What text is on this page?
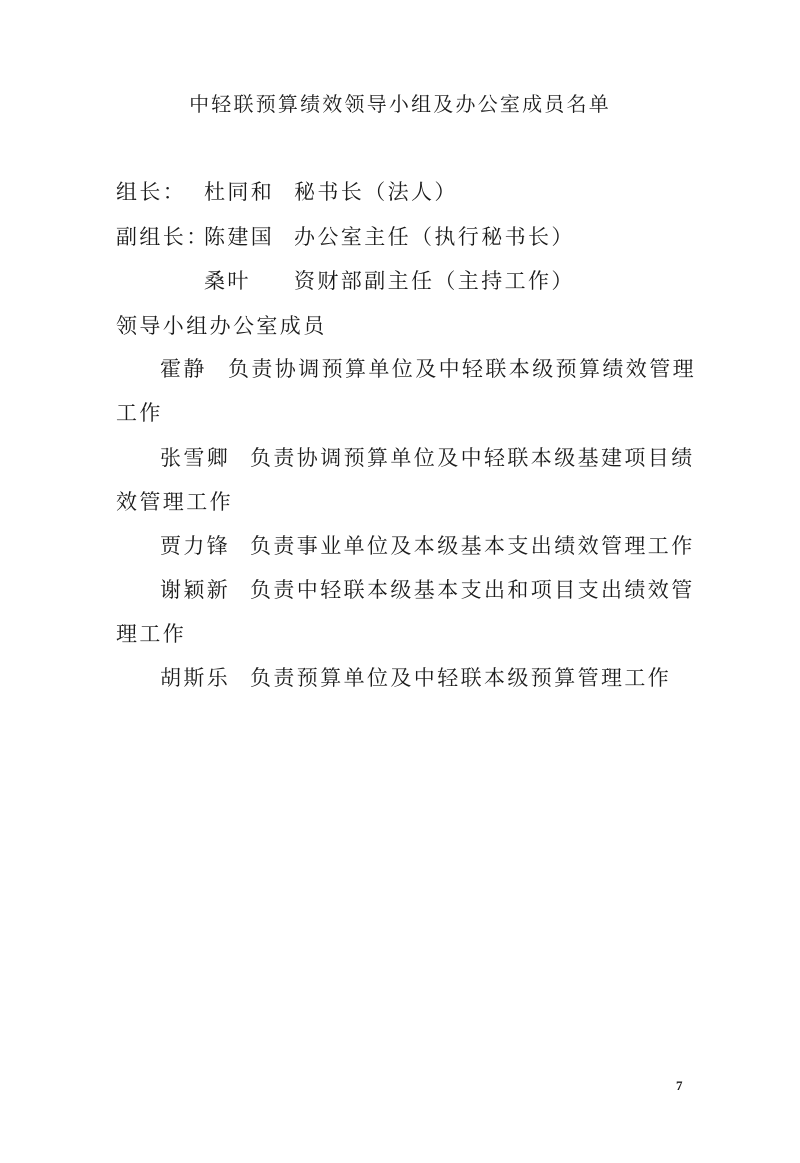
中轻联预算绩效领导小组及办公室成员名单
组长： 杜同和 秘书长（法人）
副组长：
陈建国 办公室主任（执行秘书长）
桑叶 资财部副主任（主持工作）
领导小组办公室成员
霍静 负责协调预算单位及中轻联本级预算绩效管理
工作
张雪卿 负责协调预算单位及中轻联本级基建项目绩
效管理工作
贾力锋 负责事业单位及本级基本支出绩效管理工作
谢颖新 负责中轻联本级基本支出和项目支出绩效管
理工作
胡斯乐 负责预算单位及中轻联本级预算管理工作
7
